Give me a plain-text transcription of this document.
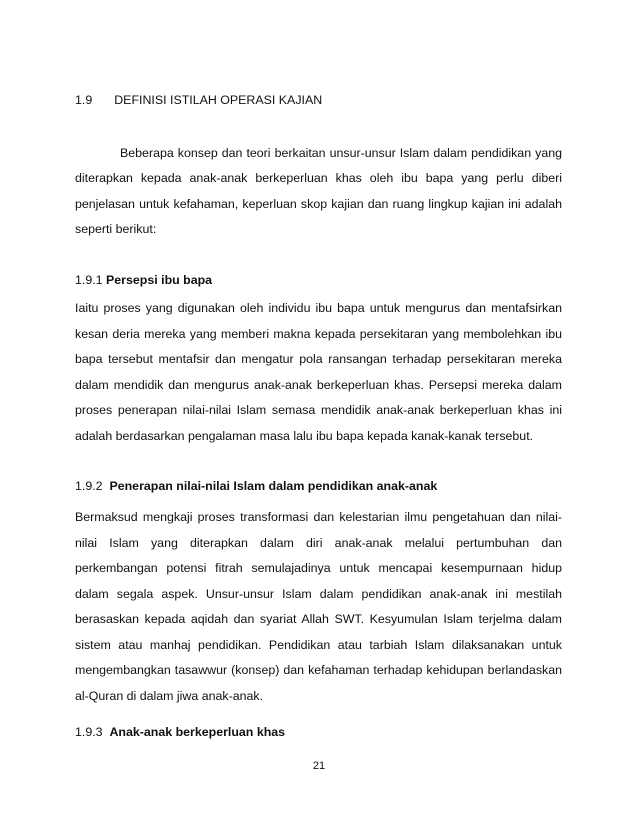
1.9 DEFINISI ISTILAH OPERASI KAJIAN
Beberapa konsep dan teori berkaitan unsur-unsur Islam dalam pendidikan yang
diterapkan kepada anak-anak berkeperluan khas oleh ibu bapa yang perlu diberi
penjelasan untuk kefahaman, keperluan skop kajian dan ruang lingkup kajian ini adalah
seperti berikut:
1.9.1 Persepsi ibu bapa
Iaitu proses yang digunakan oleh individu ibu bapa untuk mengurus dan mentafsirkan
kesan deria mereka yang memberi makna kepada persekitaran yang membolehkan ibu
bapa tersebut mentafsir dan mengatur pola ransangan terhadap persekitaran mereka
dalam mendidik dan mengurus anak-anak berkeperluan khas. Persepsi mereka dalam
proses penerapan nilai-nilai Islam semasa mendidik anak-anak berkeperluan khas ini
adalah berdasarkan pengalaman masa lalu ibu bapa kepada kanak-kanak tersebut.
1.9.2 Penerapan nilai-nilai Islam dalam pendidikan anak-anak
Bermaksud mengkaji proses transformasi dan kelestarian ilmu pengetahuan dan nilai-
nilai Islam yang diterapkan dalam diri anak-anak melalui pertumbuhan dan
perkembangan potensi fitrah semulajadinya untuk mencapai kesempurnaan hidup
dalam segala aspek. Unsur-unsur Islam dalam pendidikan anak-anak ini mestilah
berasaskan kepada aqidah dan syariat Allah SWT. Kesyumulan Islam terjelma dalam
sistem atau manhaj pendidikan. Pendidikan atau tarbiah Islam dilaksanakan untuk
mengembangkan tasawwur (konsep) dan kefahaman terhadap kehidupan berlandaskan
al-Quran di dalam jiwa anak-anak.
1.9.3 Anak-anak berkeperluan khas
21
